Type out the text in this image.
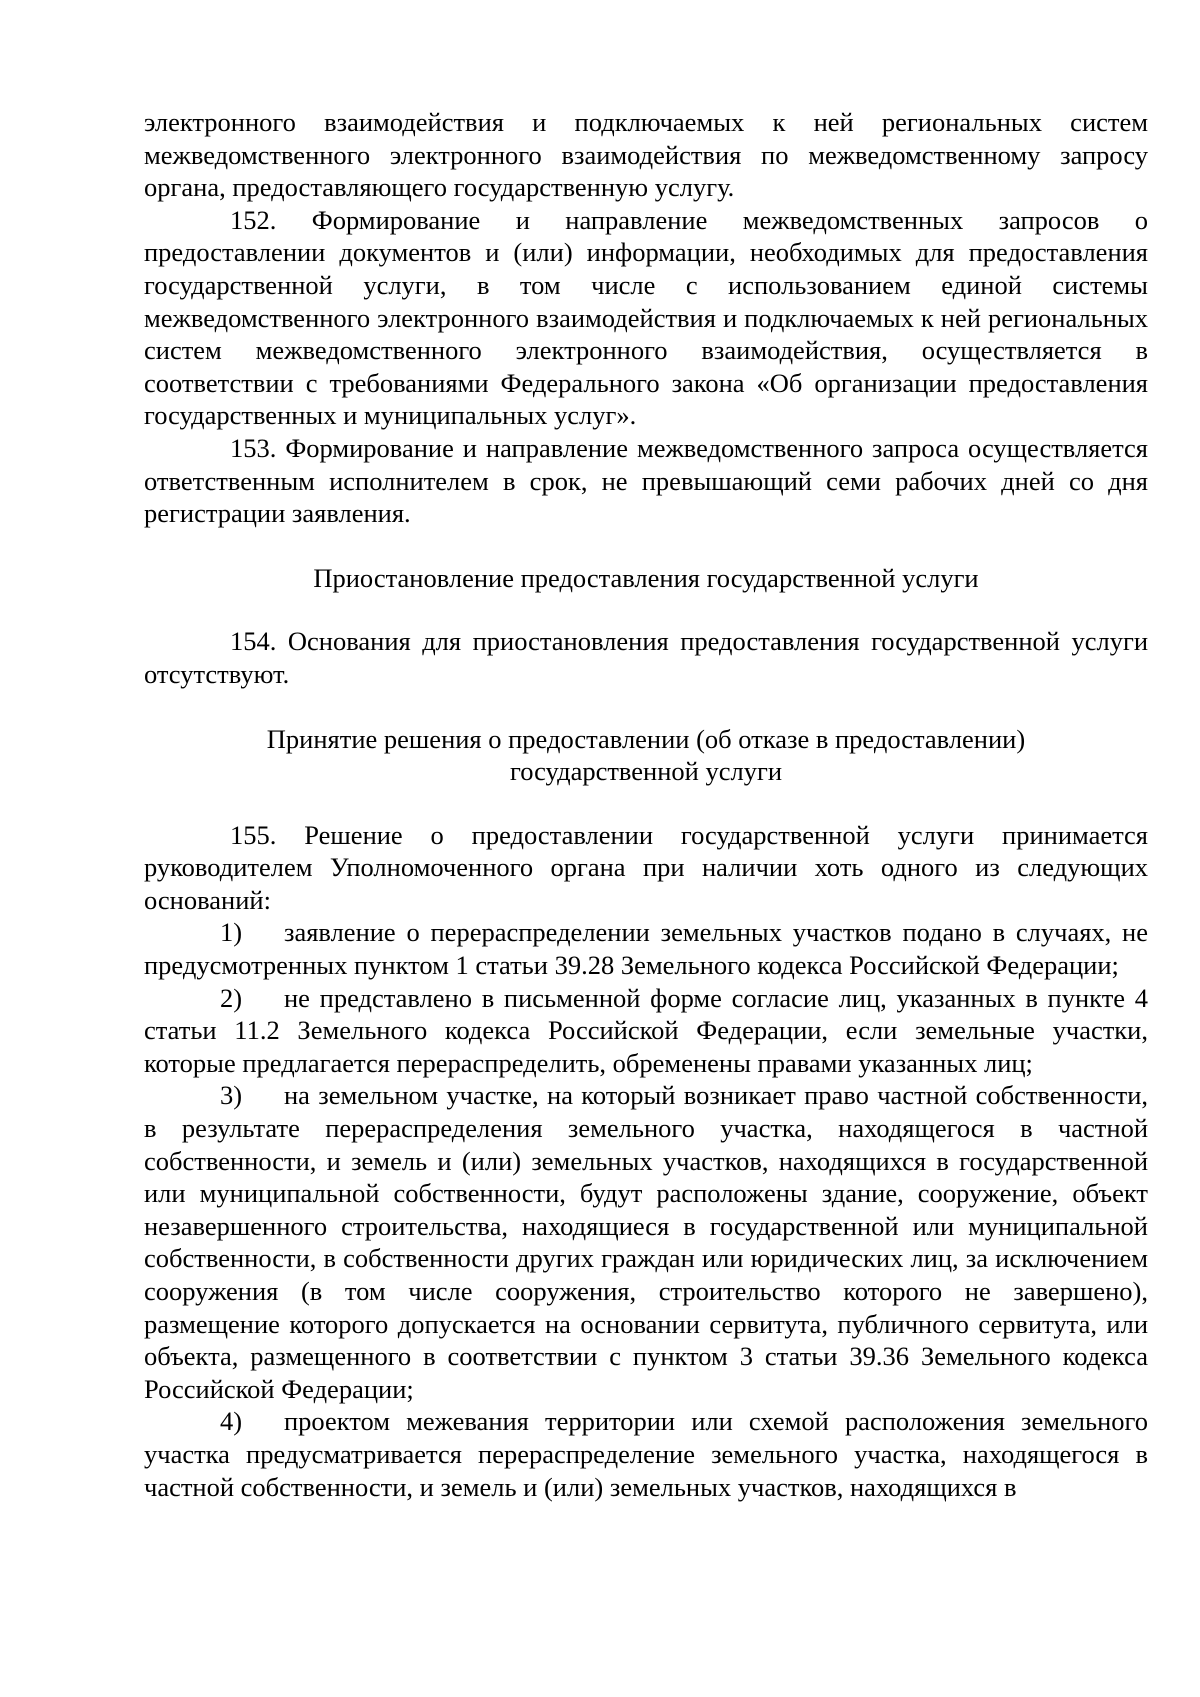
электронного взаимодействия и подключаемых к ней региональных систем межведомственного электронного взаимодействия по межведомственному запросу органа, предоставляющего государственную услугу.

152. Формирование и направление межведомственных запросов о предоставлении документов и (или) информации, необходимых для предоставления государственной услуги, в том числе с использованием единой системы межведомственного электронного взаимодействия и подключаемых к ней региональных систем межведомственного электронного взаимодействия, осуществляется в соответствии с требованиями Федерального закона «Об организации предоставления государственных и муниципальных услуг».

153. Формирование и направление межведомственного запроса осуществляется ответственным исполнителем в срок, не превышающий семи рабочих дней со дня регистрации заявления.

Приостановление предоставления государственной услуги

154. Основания для приостановления предоставления государственной услуги отсутствуют.

Принятие решения о предоставлении (об отказе в предоставлении)
государственной услуги

155. Решение о предоставлении государственной услуги принимается руководителем Уполномоченного органа при наличии хоть одного из следующих оснований:

1) заявление о перераспределении земельных участков подано в случаях, не предусмотренных пунктом 1 статьи 39.28 Земельного кодекса Российской Федерации;

2) не представлено в письменной форме согласие лиц, указанных в пункте 4 статьи 11.2 Земельного кодекса Российской Федерации, если земельные участки, которые предлагается перераспределить, обременены правами указанных лиц;

3) на земельном участке, на который возникает право частной собственности, в результате перераспределения земельного участка, находящегося в частной собственности, и земель и (или) земельных участков, находящихся в государственной или муниципальной собственности, будут расположены здание, сооружение, объект незавершенного строительства, находящиеся в государственной или муниципальной собственности, в собственности других граждан или юридических лиц, за исключением сооружения (в том числе сооружения, строительство которого не завершено), размещение которого допускается на основании сервитута, публичного сервитута, или объекта, размещенного в соответствии с пунктом 3 статьи 39.36 Земельного кодекса Российской Федерации;

4) проектом межевания территории или схемой расположения земельного участка предусматривается перераспределение земельного участка, находящегося в частной собственности, и земель и (или) земельных участков, находящихся в
